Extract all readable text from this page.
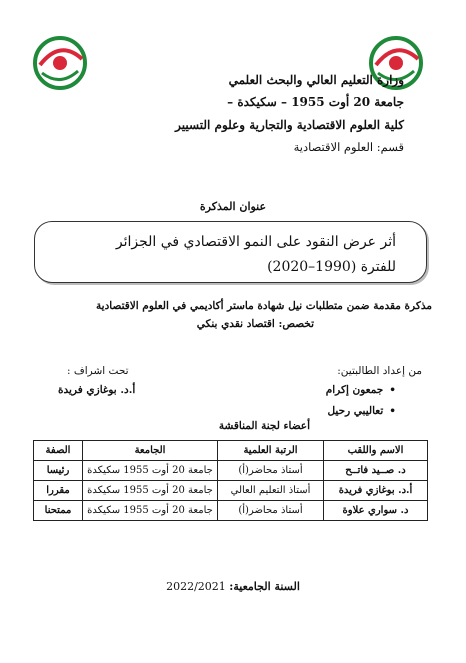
وزارة التعليم العالي والبحث العلمي
جامعة 20 أوت 1955 – سكيكدة –
كلية العلوم الاقتصادية والتجارية وعلوم التسيير
قسم: العلوم الاقتصادية
عنوان المذكرة
أثر عرض النقود على النمو الاقتصادي في الجزائر
للفترة (1990–2020)
مذكرة مقدمة ضمن متطلبات نيل شهادة ماستر أكاديمي في العلوم الاقتصادية
تخصص: اقتصاد نقدي بنكي
من إعداد الطالبتين:
تحت اشراف :
•جمعون إكرام
•تعاليبي رحيل
أ.د. بوغازي فريدة
أعضاء لجنة المناقشة
الاسم واللقب	الرتبة العلمية	الجامعة	الصفة
د. صــيد فاتــح	أستاذ محاضر(أ)	جامعة 20 أوت 1955 سكيكدة	رئيسا
أ.د. بوغازي فريدة	أستاذ التعليم العالي	جامعة 20 أوت 1955 سكيكدة	مقررا
د. سواري علاوة	أستاذ محاضر(أ)	جامعة 20 أوت 1955 سكيكدة	ممتحنا
السنة الجامعية: 2022/2021
